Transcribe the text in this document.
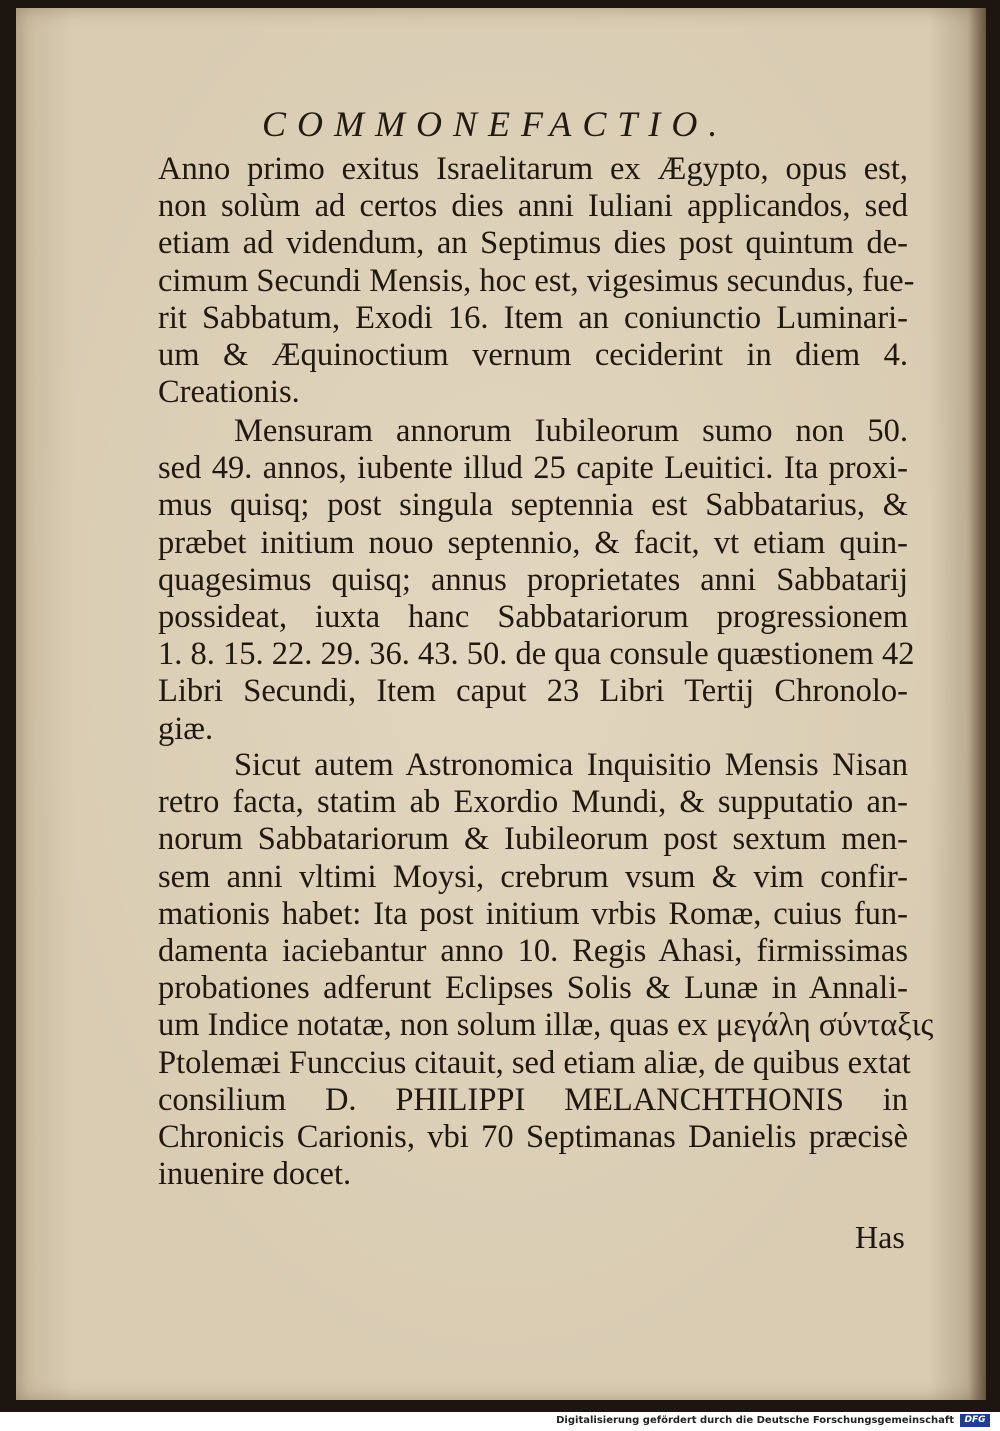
COMMONEFACTIO.

Anno primo exitus Israelitarum ex Ægypto, opus est,
non solùm ad certos dies anni Iuliani applicandos, sed
etiam ad videndum, an Septimus dies post quintum de-
cimum Secundi Mensis, hoc est, vigesimus secundus, fue-
rit Sabbatum, Exodi 16. Item an coniunctio Luminari-
um & Æquinoctium vernum ceciderint in diem 4.
Creationis.

Mensuram annorum Iubileorum sumo non 50.
sed 49. annos, iubente illud 25 capite Leuitici. Ita proxi-
mus quisq; post singula septennia est Sabbatarius, &
præbet initium nouo septennio, & facit, vt etiam quin-
quagesimus quisq; annus proprietates anni Sabbatarij
possideat, iuxta hanc Sabbatariorum progressionem
1. 8. 15. 22. 29. 36. 43. 50. de qua consule quæstionem 42
Libri Secundi, Item caput 23 Libri Tertij Chronolo-
giæ.

Sicut autem Astronomica Inquisitio Mensis Nisan
retro facta, statim ab Exordio Mundi, & supputatio an-
norum Sabbatariorum & Iubileorum post sextum men-
sem anni vltimi Moysi, crebrum vsum & vim confir-
mationis habet: Ita post initium vrbis Romæ, cuius fun-
damenta iaciebantur anno 10. Regis Ahasi, firmissimas
probationes adferunt Eclipses Solis & Lunæ in Annali-
um Indice notatæ, non solum illæ, quas ex μεγάλη σύνταξις
Ptolemæi Funccius citauit, sed etiam aliæ, de quibus extat
consilium D. PHILIPPI MELANCHTHONIS in
Chronicis Carionis, vbi 70 Septimanas Danielis præcisè
inuenire docet.

Has
Digitalisierung gefördert durch die Deutsche Forschungsgemeinschaft	DFG
